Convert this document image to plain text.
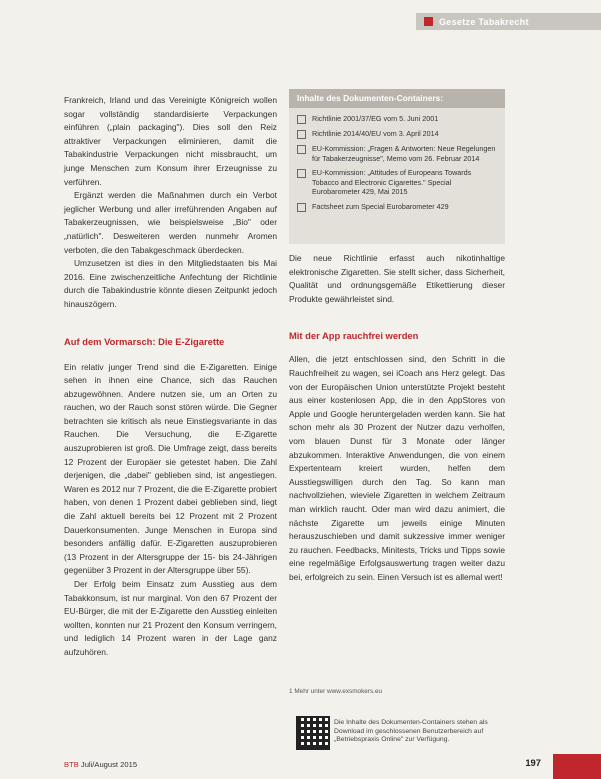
Gesetze Tabakrecht

Frankreich, Irland und das Vereinigte Königreich wollen sogar vollständig standardisierte Verpackungen einführen („plain packaging"). Dies soll den Reiz attraktiver Verpackungen eliminieren, damit die Tabakindustrie Verpackungen nicht missbraucht, um junge Menschen zum Konsum ihrer Erzeugnisse zu verführen.

Ergänzt werden die Maßnahmen durch ein Verbot jeglicher Werbung und aller irreführenden Angaben auf Tabakerzeugnissen, wie beispielsweise „Bio" oder „natürlich". Desweiteren werden nunmehr Aromen verboten, die den Tabakgeschmack überdecken.

Umzusetzen ist dies in den Mitgliedstaaten bis Mai 2016. Eine zwischenzeitliche Anfechtung der Richtlinie durch die Tabakindustrie könnte diesen Zeitpunkt jedoch hinauszögern.

Auf dem Vormarsch: Die E-Zigarette

Ein relativ junger Trend sind die E-Zigaretten. Einige sehen in ihnen eine Chance, sich das Rauchen abzugewöhnen. Andere nutzen sie, um an Orten zu rauchen, wo der Rauch sonst stören würde. Die Gegner betrachten sie kritisch als neue Einstiegsvariante in das Rauchen. Die Versuchung, die E-Zigarette auszuprobieren ist groß. Die Umfrage zeigt, dass bereits 12 Prozent der Europäer sie getestet haben. Die Zahl derjenigen, die „dabei" geblieben sind, ist angestiegen. Waren es 2012 nur 7 Prozent, die die E-Zigarette probiert haben, von denen 1 Prozent dabei geblieben sind, liegt die Zahl aktuell bereits bei 12 Prozent mit 2 Prozent Dauerkonsumenten. Junge Menschen in Europa sind besonders anfällig dafür. E-Zigaretten auszuprobieren (13 Prozent in der Altersgruppe der 15- bis 24-Jährigen gegenüber 3 Prozent in der Altersgruppe über 55).

Der Erfolg beim Einsatz zum Ausstieg aus dem Tabakkonsum, ist nur marginal. Von den 67 Prozent der EU-Bürger, die mit der E-Zigarette den Ausstieg einleiten wollten, konnten nur 21 Prozent den Konsum verringern, und lediglich 14 Prozent waren in der Lage ganz aufzuhören.

Inhalte des Dokumenten-Containers:
Richtlinie 2001/37/EG vom 5. Juni 2001
Richtlinie 2014/40/EU vom 3. April 2014
EU-Kommission: „Fragen & Antworten: Neue Regelungen für Tabakerzeugnisse", Memo vom 26. Februar 2014
EU-Kommission: „Attitudes of Europeans Towards Tobacco and Electronic Cigarettes." Special Eurobarometer 429, Mai 2015
Factsheet zum Special Eurobarometer 429

Die neue Richtlinie erfasst auch nikotinhaltige elektronische Zigaretten. Sie stellt sicher, dass Sicherheit, Qualität und ordnungsgemäße Etikettierung dieser Produkte gewährleistet sind.

Mit der App rauchfrei werden

Allen, die jetzt entschlossen sind, den Schritt in die Rauchfreiheit zu wagen, sei iCoach ans Herz gelegt. Das von der Europäischen Union unterstützte Projekt besteht aus einer kostenlosen App, die in den AppStores von Apple und Google heruntergeladen werden kann. Sie hat schon mehr als 30 Prozent der Nutzer dazu verholfen, vom blauen Dunst für 3 Monate oder länger abzukommen. Interaktive Anwendungen, die von einem Expertenteam kreiert wurden, helfen dem Ausstiegswilligen durch den Tag. So kann man nachvollziehen, wieviele Zigaretten in welchem Zeitraum man wirklich raucht. Oder man wird dazu animiert, die nächste Zigarette um jeweils einige Minuten herauszuschieben und damit sukzessive immer weniger zu rauchen. Feedbacks, Minitests, Tricks und Tipps sowie eine regelmäßige Erfolgsauswertung tragen weiter dazu bei, erfolgreich zu sein. Einen Versuch ist es allemal wert!

1 Mehr unter www.exsmokers.eu
Die Inhalte des Dokumenten-Containers stehen als Download im geschlossenen Benutzerbereich auf „Betriebspraxis Online" zur Verfügung.
BTB Juli/August 2015	197
